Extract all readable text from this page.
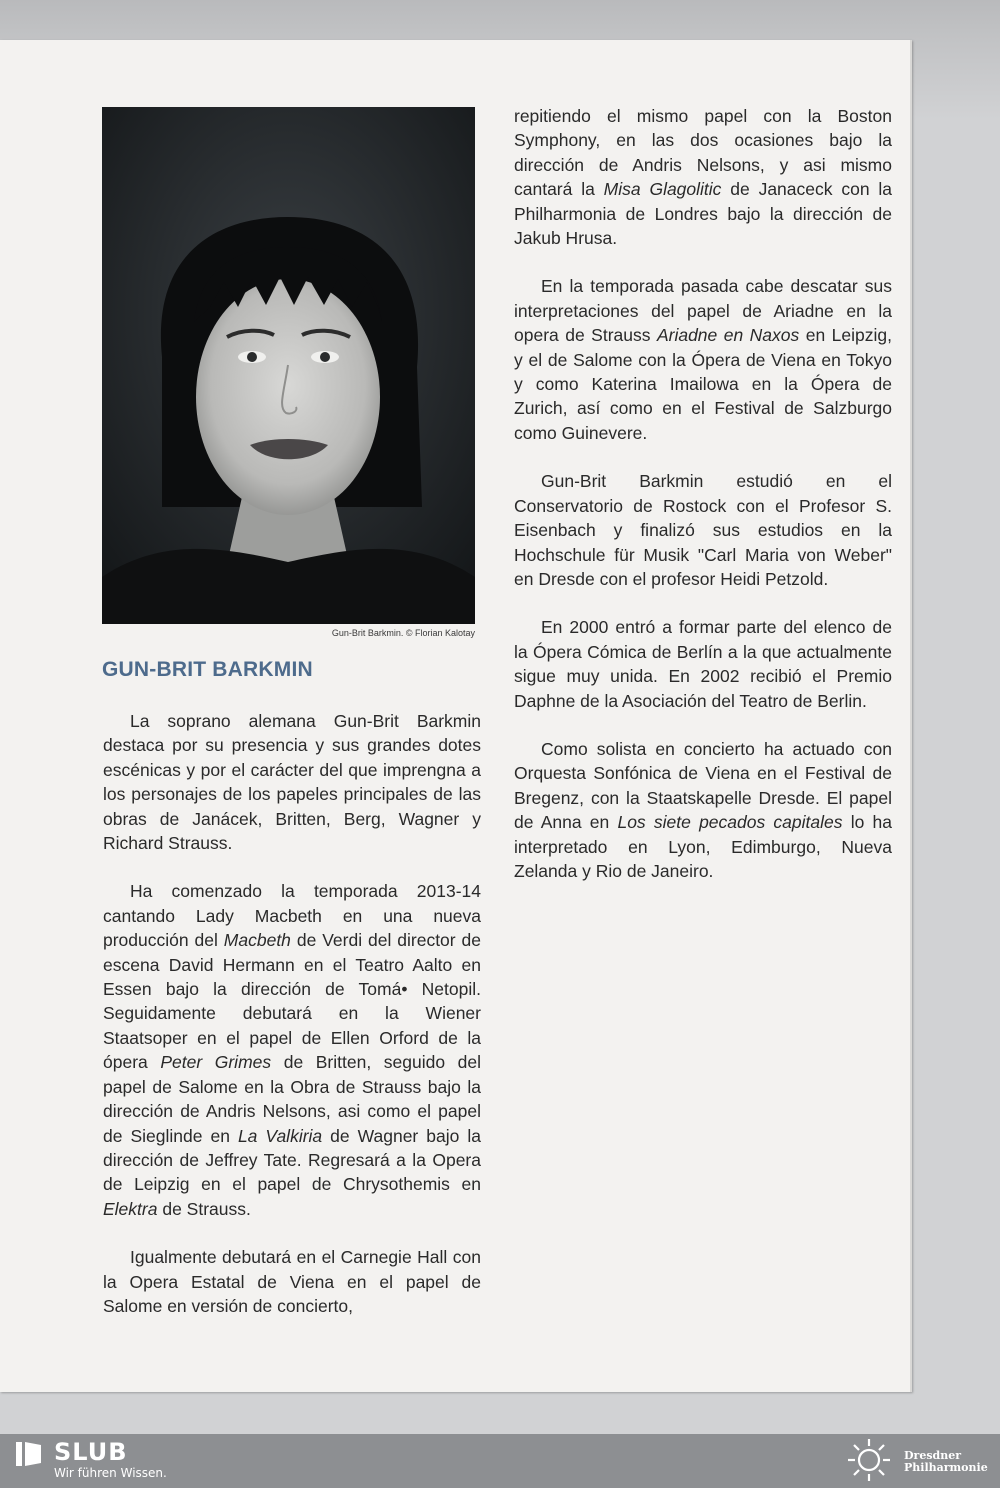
Gun-Brit Barkmin. © Florian Kalotay
GUN-BRIT BARKMIN

La soprano alemana Gun-Brit Barkmin destaca por su presencia y sus grandes dotes escénicas y por el carácter del que imprengna a los personajes de los papeles principales de las obras de Janácek, Britten, Berg, Wagner y Richard Strauss.

Ha comenzado la temporada 2013-14 cantando Lady Macbeth en una nueva producción del Macbeth de Verdi del director de escena David Hermann en el Teatro Aalto en Essen bajo la dirección de Tomá• Netopil. Seguidamente debutará en la Wiener Staatsoper en el papel de Ellen Orford de la ópera Peter Grimes de Britten, seguido del papel de Salome en la Obra de Strauss bajo la dirección de Andris Nelsons, asi como el papel de Sieglinde en La Valkiria de Wagner bajo la dirección de Jeffrey Tate. Regresará a la Opera de Leipzig en el papel de Chrysothemis en Elektra de Strauss.

Igualmente debutará en el Carnegie Hall con la Opera Estatal de Viena en el papel de Salome en versión de concierto,

repitiendo el mismo papel con la Boston Symphony, en las dos ocasiones bajo la dirección de Andris Nelsons, y asi mismo cantará la Misa Glagolitic de Janaceck con la Philharmonia de Londres bajo la dirección de Jakub Hrusa.

En la temporada pasada cabe descatar sus interpretaciones del papel de Ariadne en la opera de Strauss Ariadne en Naxos en Leipzig, y el de Salome con la Ópera de Viena en Tokyo y como Katerina Imailowa en la Ópera de Zurich, así como en el Festival de Salzburgo como Guinevere.

Gun-Brit Barkmin estudió en el Conservatorio de Rostock con el Profesor S. Eisenbach y finalizó sus estudios en la Hochschule für Musik "Carl Maria von Weber" en Dresde con el profesor Heidi Petzold.

En 2000 entró a formar parte del elenco de la Ópera Cómica de Berlín a la que actualmente sigue muy unida. En 2002 recibió el Premio Daphne de la Asociación del Teatro de Berlin.

Como solista en concierto ha actuado con Orquesta Sonfónica de Viena en el Festival de Bregenz, con la Staatskapelle Dresde. El papel de Anna en Los siete pecados capitales lo ha interpretado en Lyon, Edimburgo, Nueva Zelanda y Rio de Janeiro.

SLUB
Wir führen Wissen.
Dresdner
Philharmonie
